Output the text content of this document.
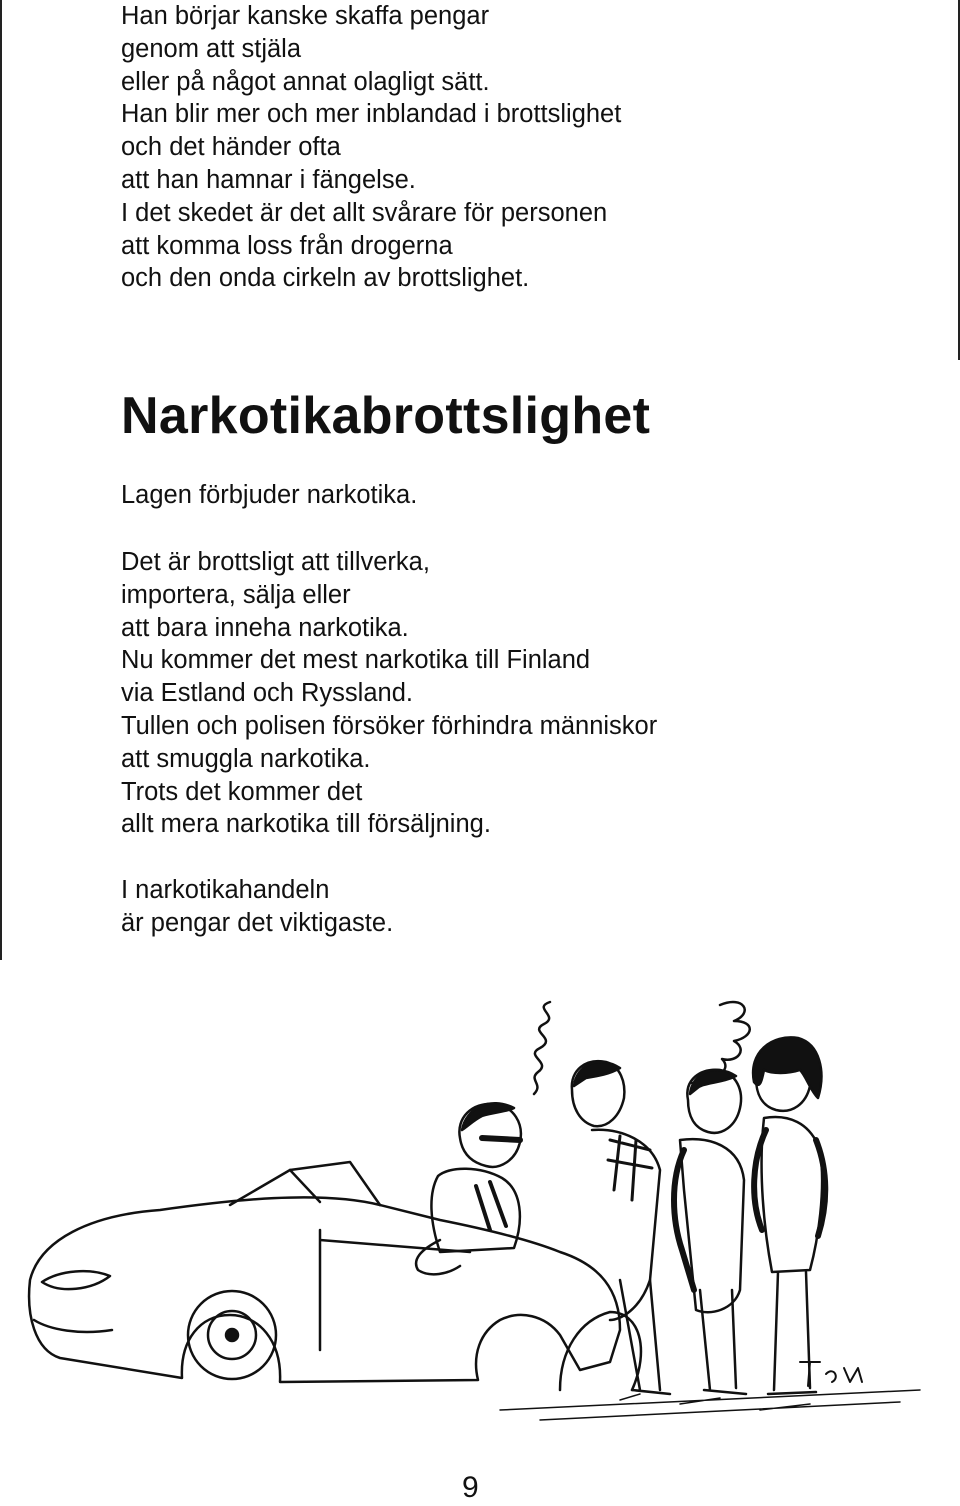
Han börjar kanske skaffa pengar
genom att stjäla
eller på något annat olagligt sätt.
Han blir mer och mer inblandad i brottslighet
och det händer ofta
att han hamnar i fängelse.
I det skedet är det allt svårare för personen
att komma loss från drogerna
och den onda cirkeln av brottslighet.
Narkotikabrottslighet
Lagen förbjuder narkotika.
Det är brottsligt att tillverka,
importera, sälja eller
att bara inneha narkotika.
Nu kommer det mest narkotika till Finland
via Estland och Ryssland.
Tullen och polisen försöker förhindra människor
att smuggla narkotika.
Trots det kommer det
allt mera narkotika till försäljning.
I narkotikahandeln
är pengar det viktigaste.
9
